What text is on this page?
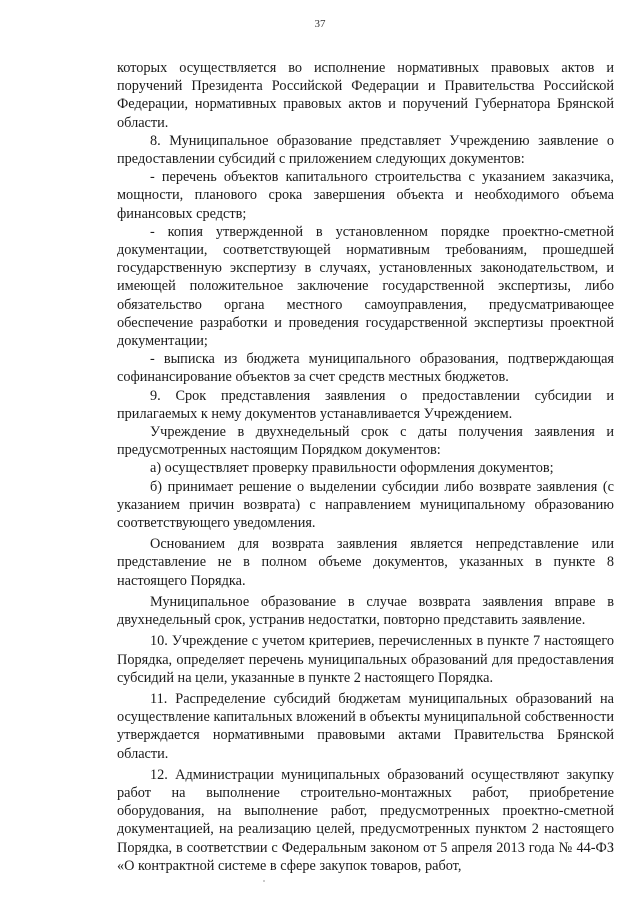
37

которых осуществляется во исполнение нормативных правовых актов и поручений Президента Российской Федерации и Правительства Российской Федерации, нормативных правовых актов и поручений Губернатора Брянской области.

8. Муниципальное образование представляет Учреждению заявление о предоставлении субсидий с приложением следующих документов:

- перечень объектов капитального строительства с указанием заказчика, мощности, планового срока завершения объекта и необходимого объема финансовых средств;

- копия утвержденной в установленном порядке проектно-сметной документации, соответствующей нормативным требованиям, прошедшей государственную экспертизу в случаях, установленных законодательством, и имеющей положительное заключение государственной экспертизы, либо обязательство органа местного самоуправления, предусматривающее обеспечение разработки и проведения государственной экспертизы проектной документации;

- выписка из бюджета муниципального образования, подтверждающая софинансирование объектов за счет средств местных бюджетов.

9. Срок представления заявления о предоставлении субсидии и прилагаемых к нему документов устанавливается Учреждением.

Учреждение в двухнедельный срок с даты получения заявления и предусмотренных настоящим Порядком документов:

а) осуществляет проверку правильности оформления документов;

б) принимает решение о выделении субсидии либо возврате заявления (с указанием причин возврата) с направлением муниципальному образованию соответствующего уведомления.

Основанием для возврата заявления является непредставление или представление не в полном объеме документов, указанных в пункте 8 настоящего Порядка.

Муниципальное образование в случае возврата заявления вправе в двухнедельный срок, устранив недостатки, повторно представить заявление.

10. Учреждение с учетом критериев, перечисленных в пункте 7 настоящего Порядка, определяет перечень муниципальных образований для предоставления субсидий на цели, указанные в пункте 2 настоящего Порядка.

11. Распределение субсидий бюджетам муниципальных образований на осуществление капитальных вложений в объекты муниципальной собственности утверждается нормативными правовыми актами Правительства Брянской области.

12. Администрации муниципальных образований осуществляют закупку работ на выполнение строительно-монтажных работ, приобретение оборудования, на выполнение работ, предусмотренных проектно-сметной документацией, на реализацию целей, предусмотренных пунктом 2 настоящего Порядка, в соответствии с Федеральным законом от 5 апреля 2013 года № 44-ФЗ «О контрактной системе в сфере закупок товаров, работ,
